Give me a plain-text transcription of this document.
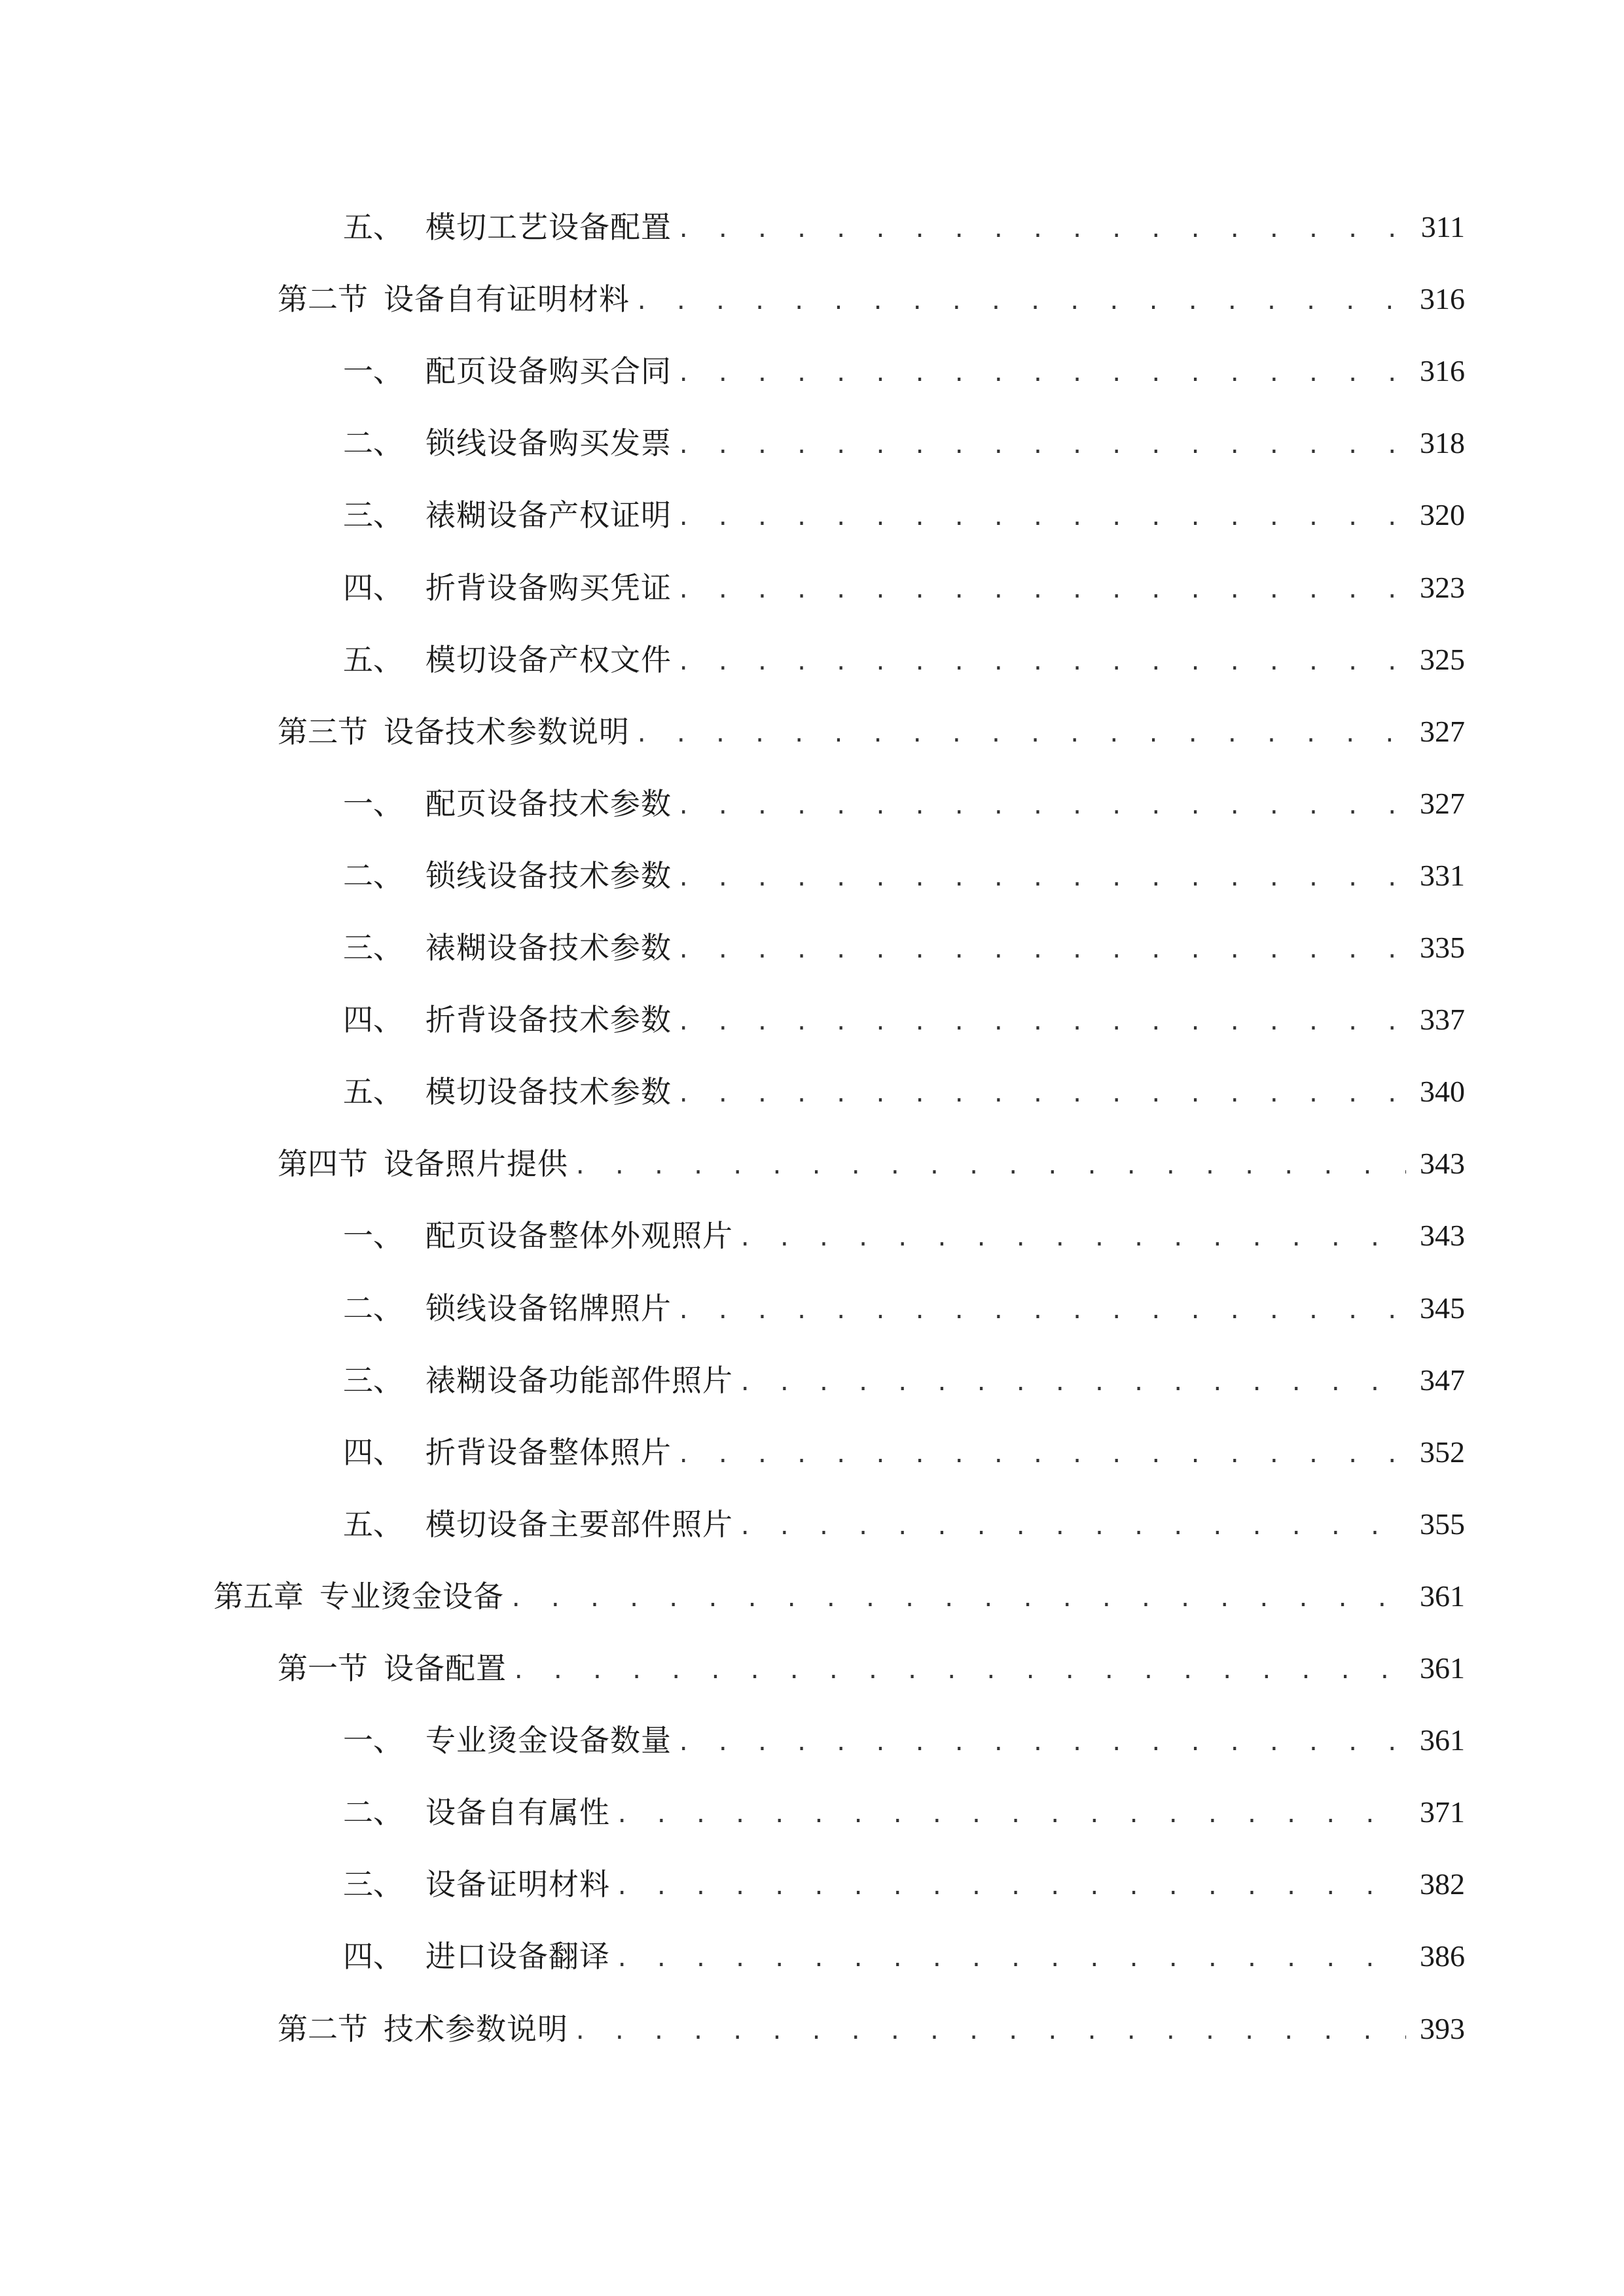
五、 模切工艺设备配置 . . .	311
第二节 设备自有证明材料 . . .	316
一、 配页设备购买合同 . . .	316
二、 锁线设备购买发票 . . .	318
三、 裱糊设备产权证明 . . .	320
四、 折背设备购买凭证 . . .	323
五、 模切设备产权文件 . . .	325
第三节 设备技术参数说明 . . .	327
一、 配页设备技术参数 . . .	327
二、 锁线设备技术参数 . . .	331
三、 裱糊设备技术参数 . . .	335
四、 折背设备技术参数 . . .	337
五、 模切设备技术参数 . . .	340
第四节 设备照片提供 . . .	343
一、 配页设备整体外观照片 . . .	343
二、 锁线设备铭牌照片 . . .	345
三、 裱糊设备功能部件照片 . . .	347
四、 折背设备整体照片 . . .	352
五、 模切设备主要部件照片 . . .	355
第五章 专业烫金设备 . . .	361
第一节 设备配置 . . .	361
一、 专业烫金设备数量 . . .	361
二、 设备自有属性 . . .	371
三、 设备证明材料 . . .	382
四、 进口设备翻译 . . .	386
第二节 技术参数说明 . . .	393
